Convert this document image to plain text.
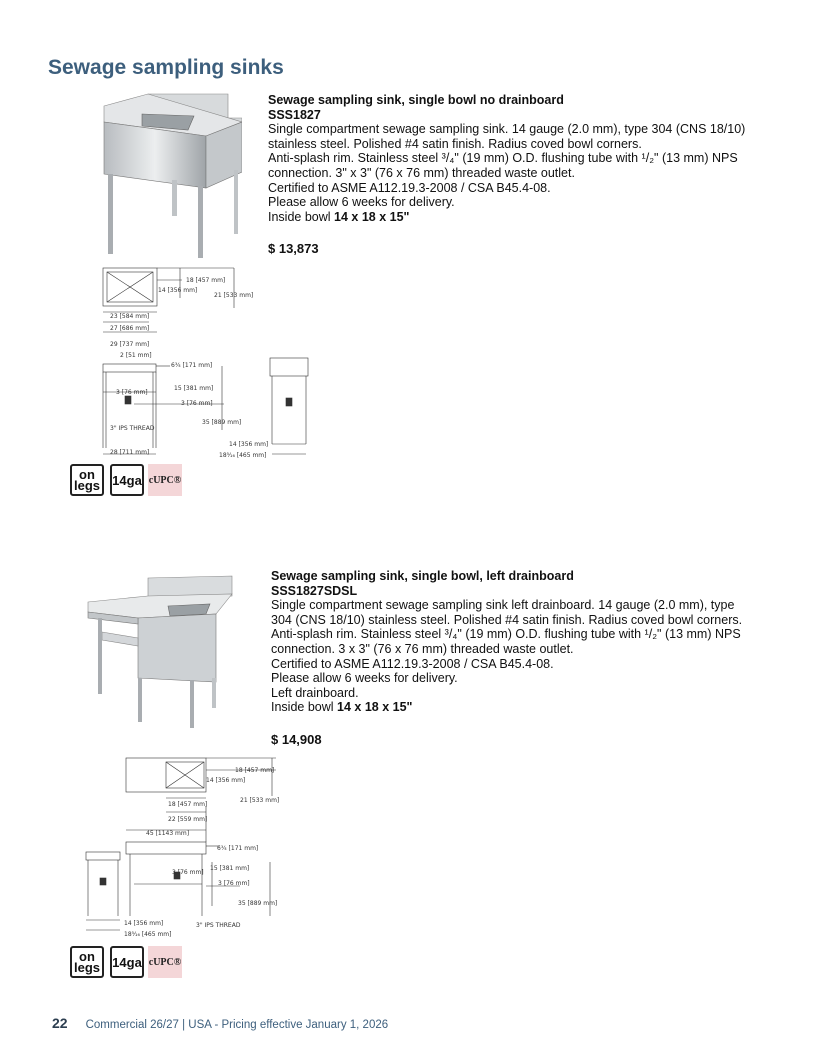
Sewage sampling sinks
Sewage sampling sink, single bowl no drainboard
SSS1827
Single compartment sewage sampling sink. 14 gauge (2.0 mm), type 304 (CNS 18/10)
stainless steel. Polished #4 satin finish. Radius coved bowl corners.
Anti-splash rim. Stainless steel ³/₄" (19 mm) O.D. flushing tube with ¹/₂" (13 mm) NPS
connection. 3" x 3" (76 x 76 mm) threaded waste outlet.
Certified to ASME A112.19.3-2008 / CSA B45.4-08.
Please allow 6 weeks for delivery.
Inside bowl 14 x 18 x 15"
$ 13,873
18 [457 mm]
14 [356 mm]
21 [533 mm]
23 [584 mm]
27 [686 mm]
29 [737 mm]
2 [51 mm]
6¾ [171 mm]
3 [76 mm]
15 [381 mm]
3 [76 mm]
3" IPS THREAD
35 [889 mm]
14 [356 mm]
18⁵⁄₁₆ [465 mm]
28 [711 mm]
on
legs 14ga cUPC®
Sewage sampling sink, single bowl, left drainboard
SSS1827SDSL
Single compartment sewage sampling sink left drainboard. 14 gauge (2.0 mm), type
304 (CNS 18/10) stainless steel. Polished #4 satin finish. Radius coved bowl corners.
Anti-splash rim. Stainless steel ³/₄" (19 mm) O.D. flushing tube with ¹/₂" (13 mm) NPS
connection. 3 x 3" (76 x 76 mm) threaded waste outlet.
Certified to ASME A112.19.3-2008 / CSA B45.4-08.
Please allow 6 weeks for delivery.
Left drainboard.
Inside bowl 14 x 18 x 15"
$ 14,908
18 [457 mm]
14 [356 mm]
21 [533 mm]
18 [457 mm]
22 [559 mm]
45 [1143 mm]
6¾ [171 mm]
3 [76 mm]
15 [381 mm]
3 [76 mm]
35 [889 mm]
14 [356 mm]
18⁵⁄₁₆ [465 mm]
3" IPS THREAD
on
legs 14ga cUPC®
22 Commercial 26/27 | USA - Pricing effective January 1, 2026
